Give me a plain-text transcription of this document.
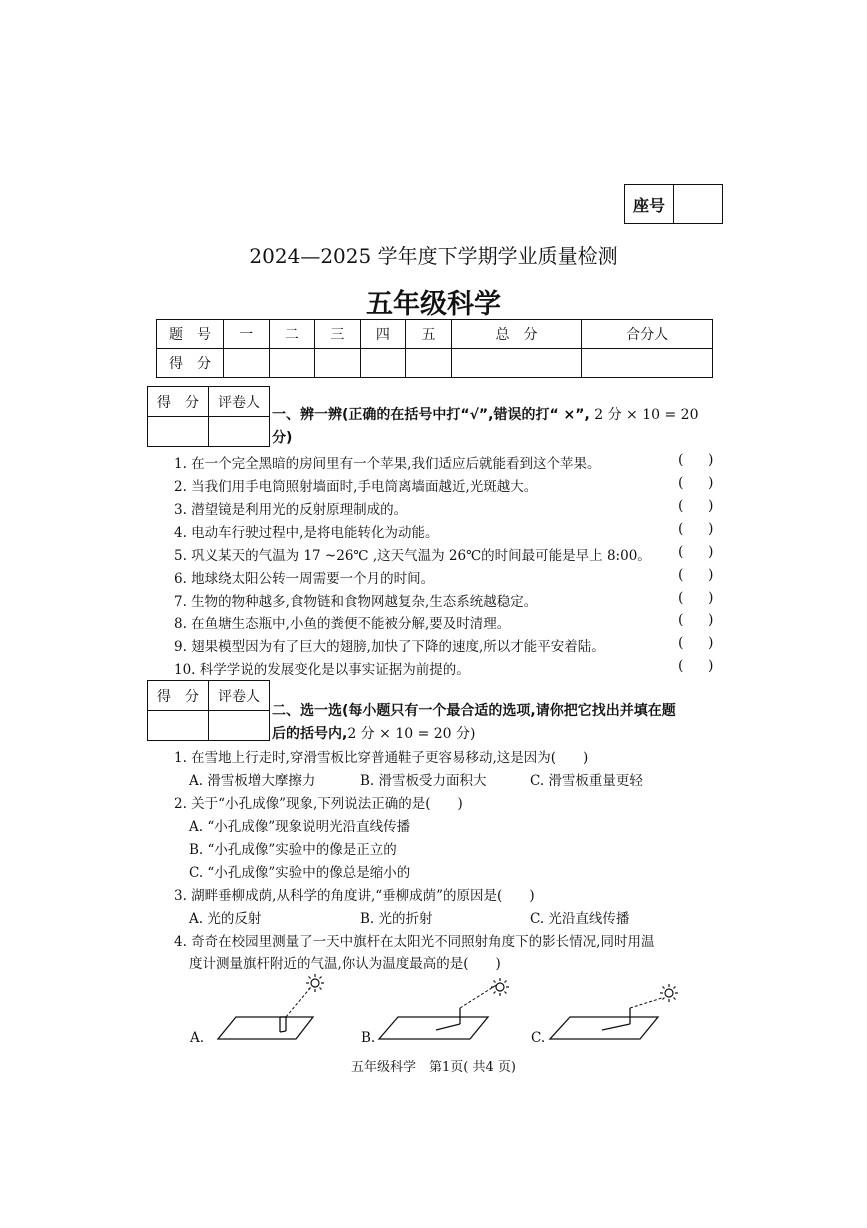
座号	
2024—2025 学年度下学期学业质量检测
五年级科学
题　号	一	二	三	四	五	总　分	合分人
得　分							
得　分	评卷人

一、辨一辨(正确的在括号中打“√”,错误的打“ ×”, 2 分 × 10 = 20
分)
1. 在一个完全黑暗的房间里有一个苹果,我们适应后就能看到这个苹果。
2. 当我们用手电筒照射墙面时,手电筒离墙面越近,光斑越大。
3. 潜望镜是利用光的反射原理制成的。
4. 电动车行驶过程中,是将电能转化为动能。
5. 巩义某天的气温为 17 ~26℃ ,这天气温为 26℃的时间最可能是早上 8:00。
6. 地球绕太阳公转一周需要一个月的时间。
7. 生物的物种越多,食物链和食物网越复杂,生态系统越稳定。
8. 在鱼塘生态瓶中,小鱼的粪便不能被分解,要及时清理。
9. 翅果模型因为有了巨大的翅膀,加快了下降的速度,所以才能平安着陆。
10. 科学学说的发展变化是以事实证据为前提的。
( )
( )
( )
( )
( )
( )
( )
( )
( )
( )
得　分	评卷人

二、选一选(每小题只有一个最合适的选项,请你把它找出并填在题
后的括号内,2 分 × 10 = 20 分)
1. 在雪地上行走时,穿滑雪板比穿普通鞋子更容易移动,这是因为(　　)
A. 滑雪板增大摩擦力	B. 滑雪板受力面积大	C. 滑雪板重量更轻
2. 关于“小孔成像”现象,下列说法正确的是(　　)
A. “小孔成像”现象说明光沿直线传播
B. “小孔成像”实验中的像是正立的
C. “小孔成像”实验中的像总是缩小的
3. 湖畔垂柳成荫,从科学的角度讲,“垂柳成荫”的原因是(　　)
A. 光的反射	B. 光的折射	C. 光沿直线传播
4. 奇奇在校园里测量了一天中旗杆在太阳光不同照射角度下的影长情况,同时用温
度计测量旗杆附近的气温,你认为温度最高的是(　　)
A.	B.	C.
五年级科学　第1页( 共4 页)
